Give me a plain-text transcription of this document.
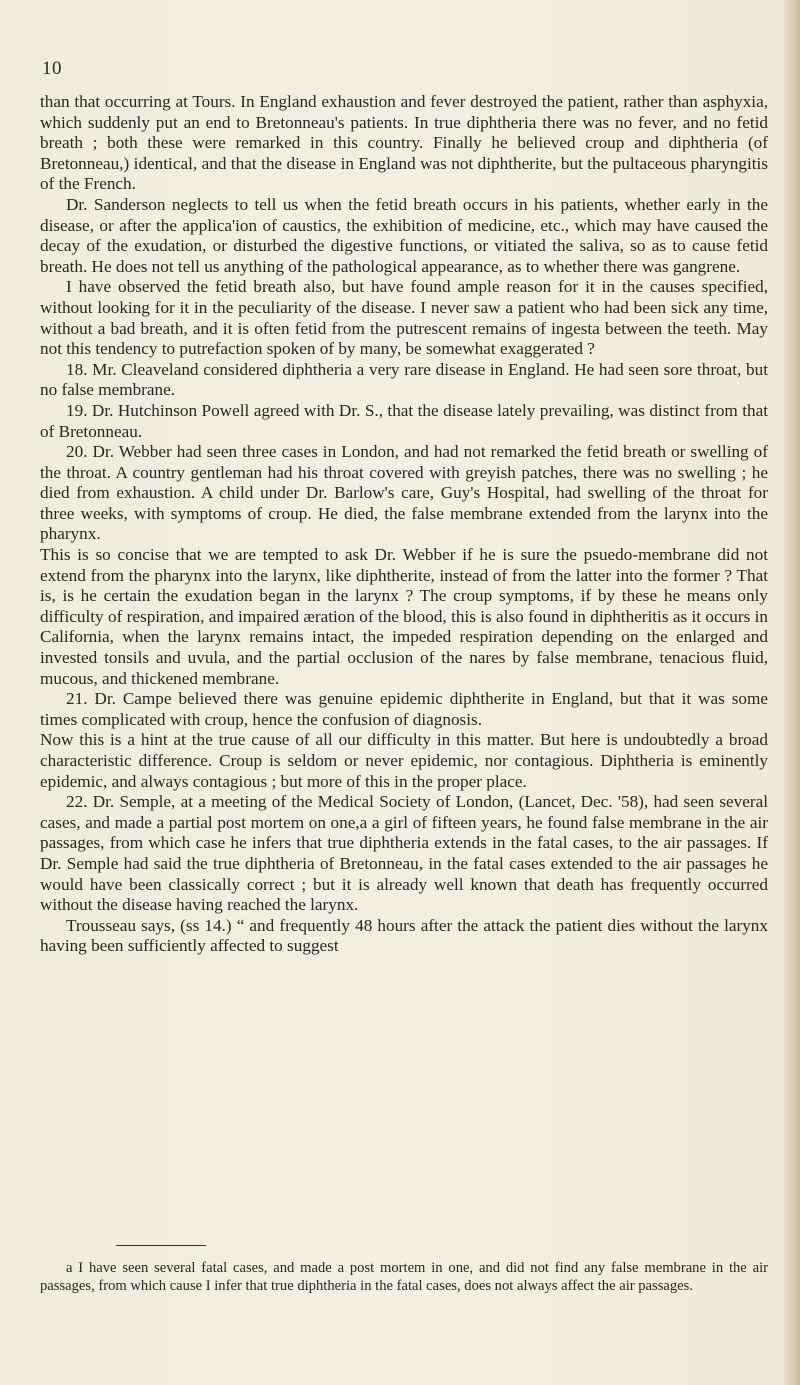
10

than that occurring at Tours. In England exhaustion and fever destroyed the patient, rather than asphyxia, which suddenly put an end to Bretonneau's patients. In true diphtheria there was no fever, and no fetid breath ; both these were remarked in this country. Finally he believed croup and diphtheria (of Bretonneau,) identical, and that the disease in England was not diphtherite, but the pultaceous pharyngitis of the French.

Dr. Sanderson neglects to tell us when the fetid breath occurs in his patients, whether early in the disease, or after the applica'ion of caustics, the exhibition of medicine, etc., which may have caused the decay of the exudation, or disturbed the digestive functions, or vitiated the saliva, so as to cause fetid breath. He does not tell us anything of the pathological appearance, as to whether there was gangrene.

I have observed the fetid breath also, but have found ample reason for it in the causes specified, without looking for it in the peculiarity of the disease. I never saw a patient who had been sick any time, without a bad breath, and it is often fetid from the putrescent remains of ingesta between the teeth. May not this tendency to putrefaction spoken of by many, be somewhat exaggerated ?

18. Mr. Cleaveland considered diphtheria a very rare disease in England. He had seen sore throat, but no false membrane.

19. Dr. Hutchinson Powell agreed with Dr. S., that the disease lately prevailing, was distinct from that of Bretonneau.

20. Dr. Webber had seen three cases in London, and had not remarked the fetid breath or swelling of the throat. A country gentleman had his throat covered with greyish patches, there was no swelling ; he died from exhaustion. A child under Dr. Barlow's care, Guy's Hospital, had swelling of the throat for three weeks, with symptoms of croup. He died, the false membrane extended from the larynx into the pharynx.

This is so concise that we are tempted to ask Dr. Webber if he is sure the psuedo-membrane did not extend from the pharynx into the larynx, like diphtherite, instead of from the latter into the former ? That is, is he certain the exudation began in the larynx ? The croup symptoms, if by these he means only difficulty of respiration, and impaired æration of the blood, this is also found in diphtheritis as it occurs in California, when the larynx remains intact, the impeded respiration depending on the enlarged and invested tonsils and uvula, and the partial occlusion of the nares by false membrane, tenacious fluid, mucous, and thickened membrane.

21. Dr. Campe believed there was genuine epidemic diphtherite in England, but that it was some times complicated with croup, hence the confusion of diagnosis.

Now this is a hint at the true cause of all our difficulty in this matter. But here is undoubtedly a broad characteristic difference. Croup is seldom or never epidemic, nor contagious. Diphtheria is eminently epidemic, and always contagious ; but more of this in the proper place.

22. Dr. Semple, at a meeting of the Medical Society of London, (Lancet, Dec. '58), had seen several cases, and made a partial post mortem on one,a a girl of fifteen years, he found false membrane in the air passages, from which case he infers that true diphtheria extends in the fatal cases, to the air passages. If Dr. Semple had said the true diphtheria of Bretonneau, in the fatal cases extended to the air passages he would have been classically correct ; but it is already well known that death has frequently occurred without the disease having reached the larynx.

Trousseau says, (ss 14.) “ and frequently 48 hours after the attack the patient dies without the larynx having been sufficiently affected to suggest

a I have seen several fatal cases, and made a post mortem in one, and did not find any false membrane in the air passages, from which cause I infer that true diphtheria in the fatal cases, does not always affect the air passages.
